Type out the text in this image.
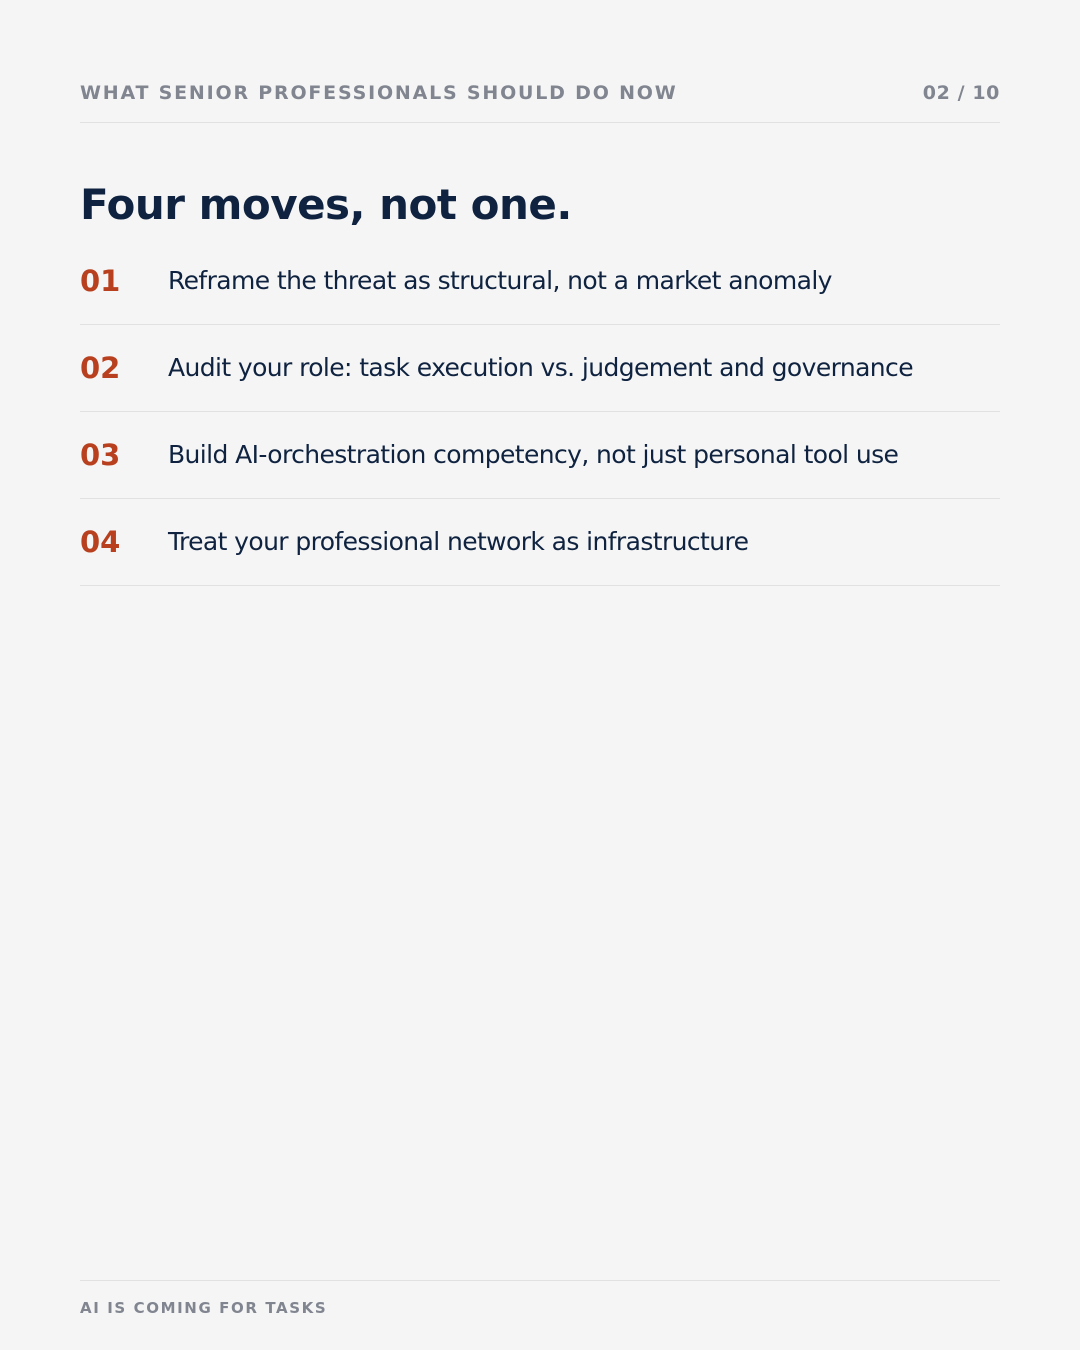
WHAT SENIOR PROFESSIONALS SHOULD DO NOW	02 / 10
Four moves, not one.
01	Reframe the threat as structural, not a market anomaly
02	Audit your role: task execution vs. judgement and governance
03	Build AI-orchestration competency, not just personal tool use
04	Treat your professional network as infrastructure
AI IS COMING FOR TASKS
